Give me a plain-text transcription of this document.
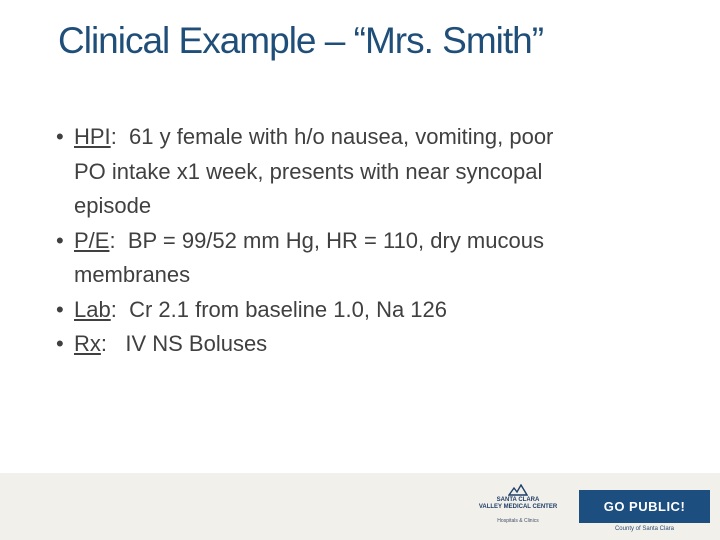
Clinical Example – “Mrs. Smith”
• HPI:  61 y female with h/o nausea, vomiting, poor
PO intake x1 week, presents with near syncopal
episode
• P/E:  BP = 99/52 mm Hg, HR = 110, dry mucous
membranes
• Lab:  Cr 2.1 from baseline 1.0, Na 126
• Rx:   IV NS Boluses
SANTA CLARA
VALLEY MEDICAL CENTER
Hospitals & Clinics
GO PUBLIC!
County of Santa Clara
